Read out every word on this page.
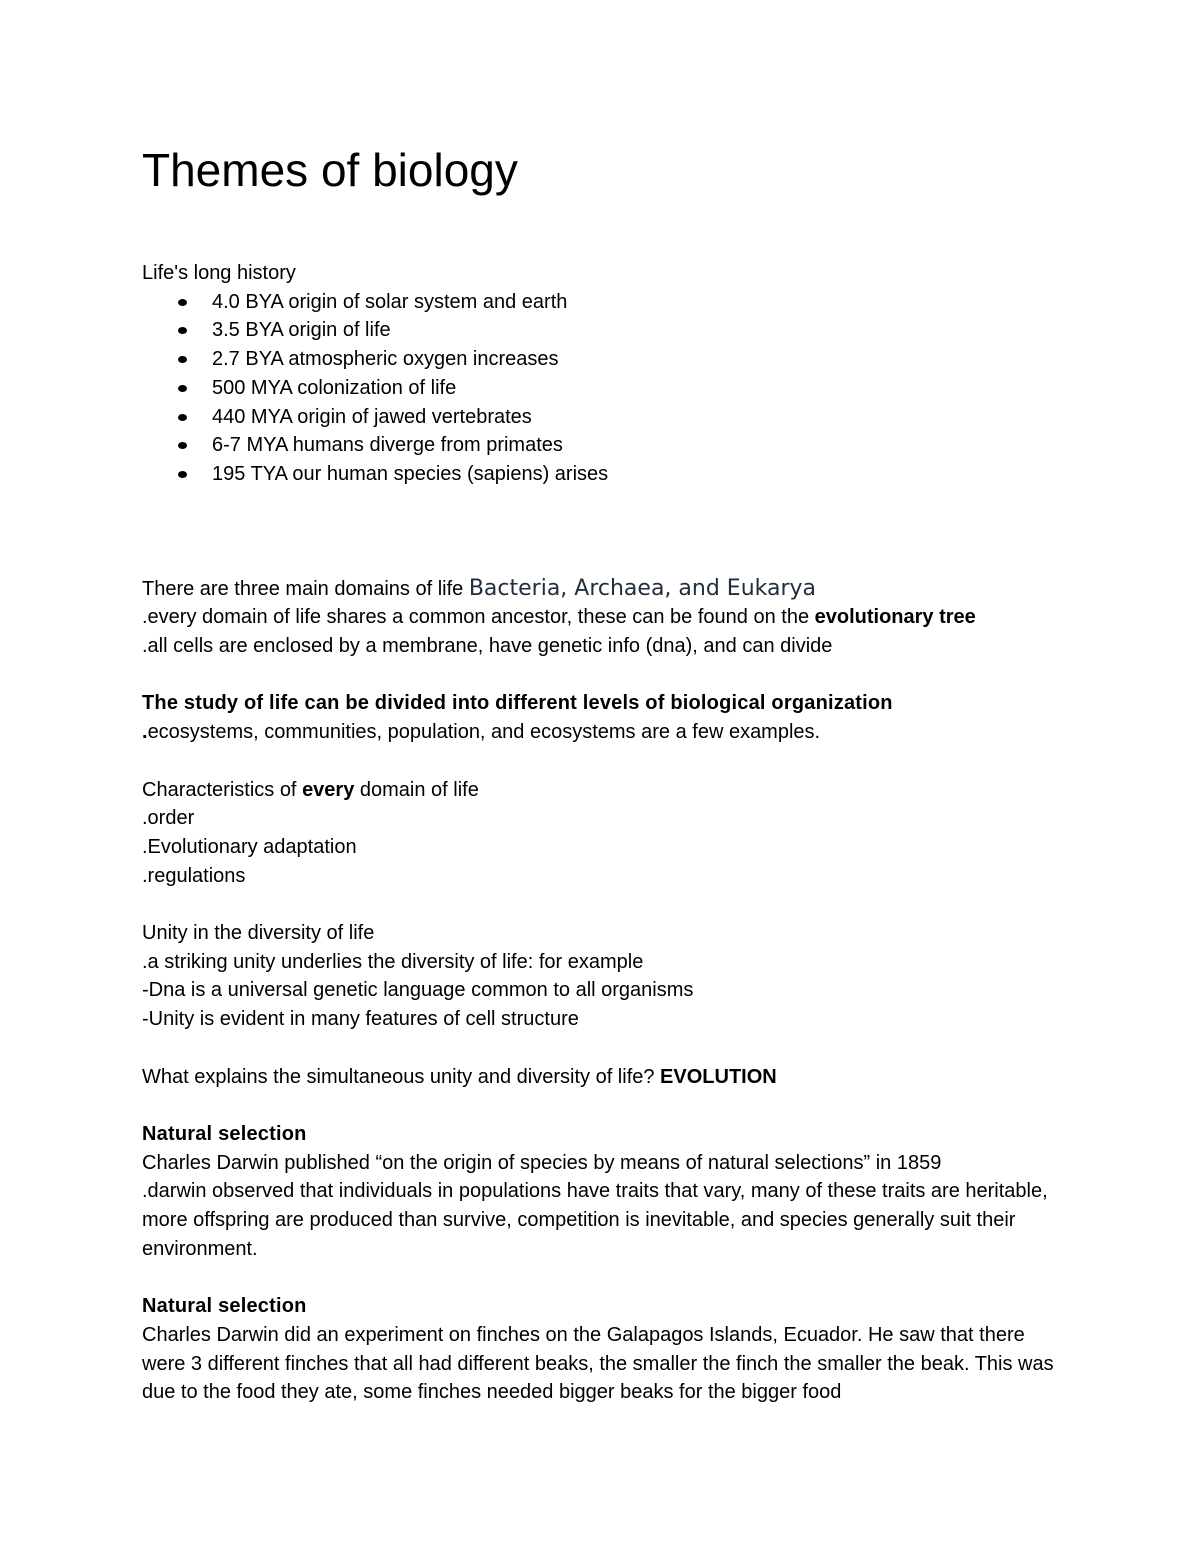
Themes of biology
Life's long history
4.0 BYA origin of solar system and earth
3.5 BYA origin of life
2.7 BYA atmospheric oxygen increases
500 MYA colonization of life
440 MYA origin of jawed vertebrates
6-7 MYA humans diverge from primates
195 TYA our human species (sapiens) arises
There are three main domains of life Bacteria, Archaea, and Eukarya
.every domain of life shares a common ancestor, these can be found on the evolutionary tree
.all cells are enclosed by a membrane, have genetic info (dna), and can divide
The study of life can be divided into different levels of biological organization
.ecosystems, communities, population, and ecosystems are a few examples.
Characteristics of every domain of life
.order
.Evolutionary adaptation
.regulations
Unity in the diversity of life
.a striking unity underlies the diversity of life: for example
-Dna is a universal genetic language common to all organisms
-Unity is evident in many features of cell structure
What explains the simultaneous unity and diversity of life? EVOLUTION
Natural selection
Charles Darwin published “on the origin of species by means of natural selections” in 1859
.darwin observed that individuals in populations have traits that vary, many of these traits are heritable, more offspring are produced than survive, competition is inevitable, and species generally suit their environment.
Natural selection
Charles Darwin did an experiment on finches on the Galapagos Islands, Ecuador. He saw that there were 3 different finches that all had different beaks, the smaller the finch the smaller the beak. This was due to the food they ate, some finches needed bigger beaks for the bigger food
